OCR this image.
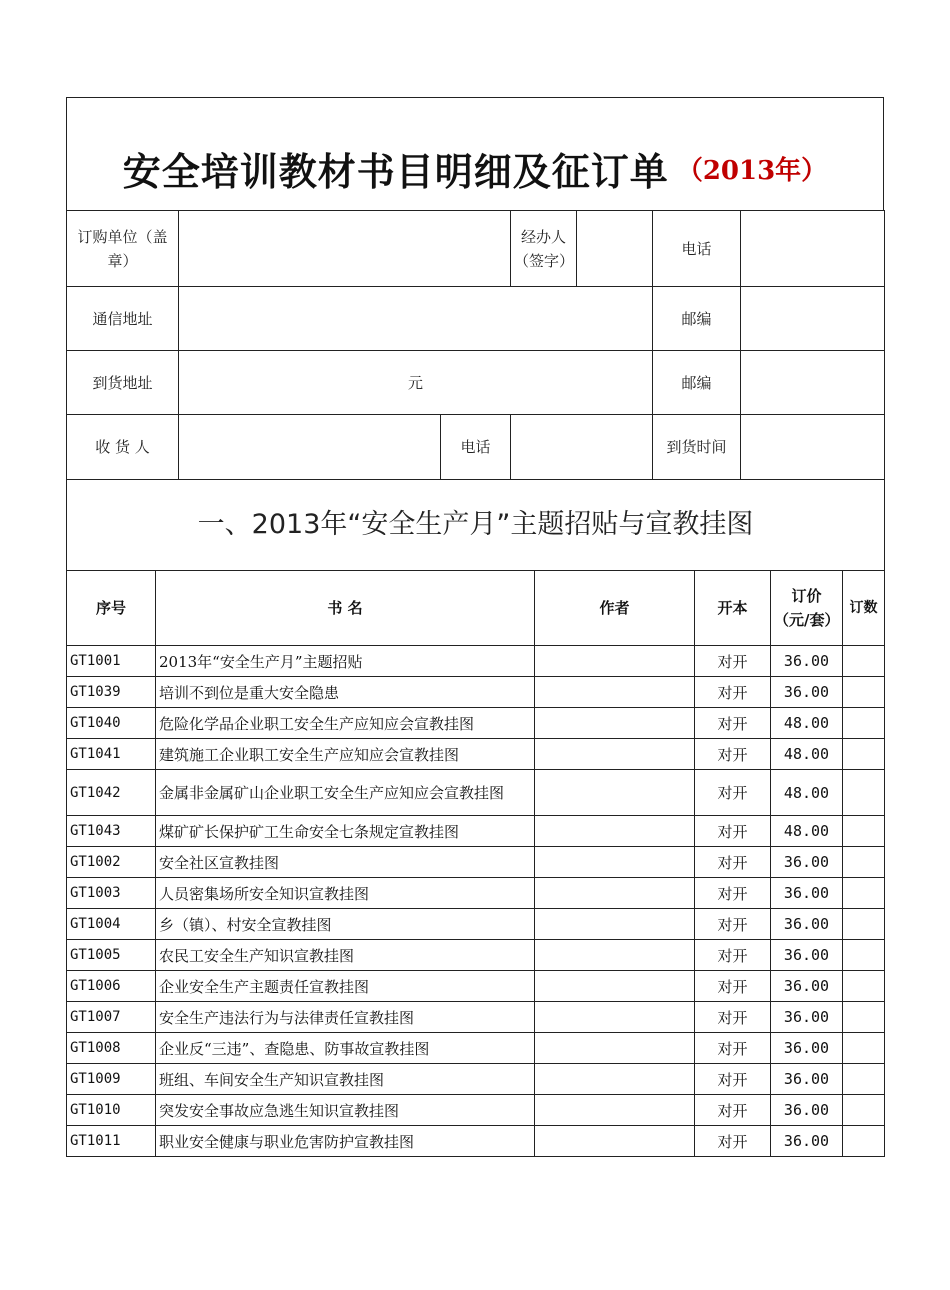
安全培训教材书目明细及征订单 （2013年）
订购单位（盖章）			经办人（签字）		电话	
通信地址					邮编	
到货地址	元				邮编	
收 货 人		电话			到货时间	
一、2013年“安全生产月”主题招贴与宣教挂图						
序号	书 名	作者	开本	订价（元/套）	订数
GT1001	2013年“安全生产月”主题招贴		对开	36.00	
GT1039	培训不到位是重大安全隐患		对开	36.00	
GT1040	危险化学品企业职工安全生产应知应会宣教挂图		对开	48.00	
GT1041	建筑施工企业职工安全生产应知应会宣教挂图		对开	48.00	
GT1042	金属非金属矿山企业职工安全生产应知应会宣教挂图		对开	48.00	
GT1043	煤矿矿长保护矿工生命安全七条规定宣教挂图		对开	48.00	
GT1002	安全社区宣教挂图		对开	36.00	
GT1003	人员密集场所安全知识宣教挂图		对开	36.00	
GT1004	乡（镇）、村安全宣教挂图		对开	36.00	
GT1005	农民工安全生产知识宣教挂图		对开	36.00	
GT1006	企业安全生产主题责任宣教挂图		对开	36.00	
GT1007	安全生产违法行为与法律责任宣教挂图		对开	36.00	
GT1008	企业反“三违”、查隐患、防事故宣教挂图		对开	36.00	
GT1009	班组、车间安全生产知识宣教挂图		对开	36.00	
GT1010	突发安全事故应急逃生知识宣教挂图		对开	36.00	
GT1011	职业安全健康与职业危害防护宣教挂图		对开	36.00	
